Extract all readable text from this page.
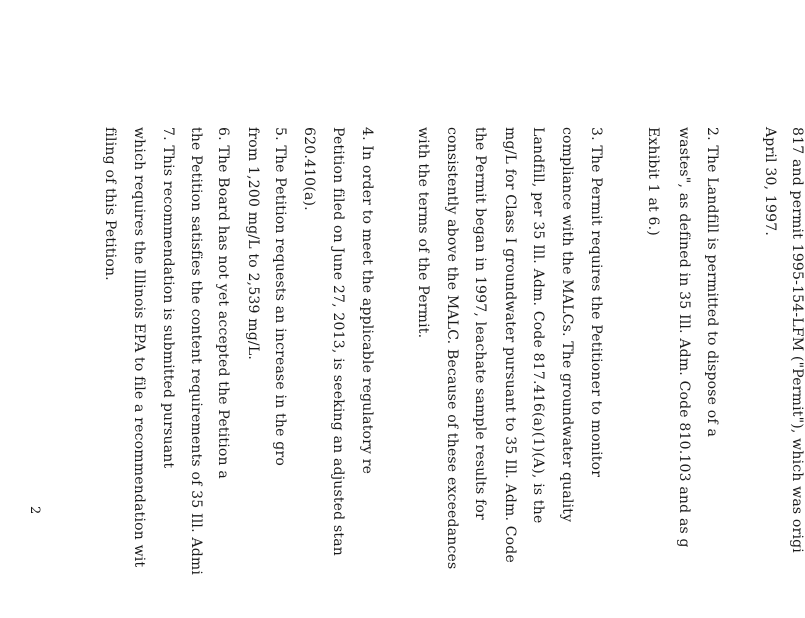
817 and permit 1995-154-LFM ("Permit"), which was origi
April 30, 1997.
2. The Landfill is permitted to dispose of a
wastes", as defined in 35 Ill. Adm. Code 810.103 and as g
Exhibit 1 at 6.)
3. The Permit requires the Petitioner to monitor
compliance with the MALCs. The groundwater quality
Landfill, per 35 Ill. Adm. Code 817.416(a)(1)(A), is the
mg/L for Class I groundwater pursuant to 35 Ill. Adm. Code
the Permit began in 1997, leachate sample results for
consistently above the MALC. Because of these exceedances
with the terms of the Permit.
4. In order to meet the applicable regulatory re
Petition filed on June 27, 2013, is seeking an adjusted stan
620.410(a).
5. The Petition requests an increase in the gro
from 1,200 mg/L to 2,539 mg/L.
6. The Board has not yet accepted the Petition a
the Petition satisfies the content requirements of 35 Ill. Admi
7. This recommendation is submitted pursuant
which requires the Illinois EPA to file a recommendation wit
filing of this Petition.
2
